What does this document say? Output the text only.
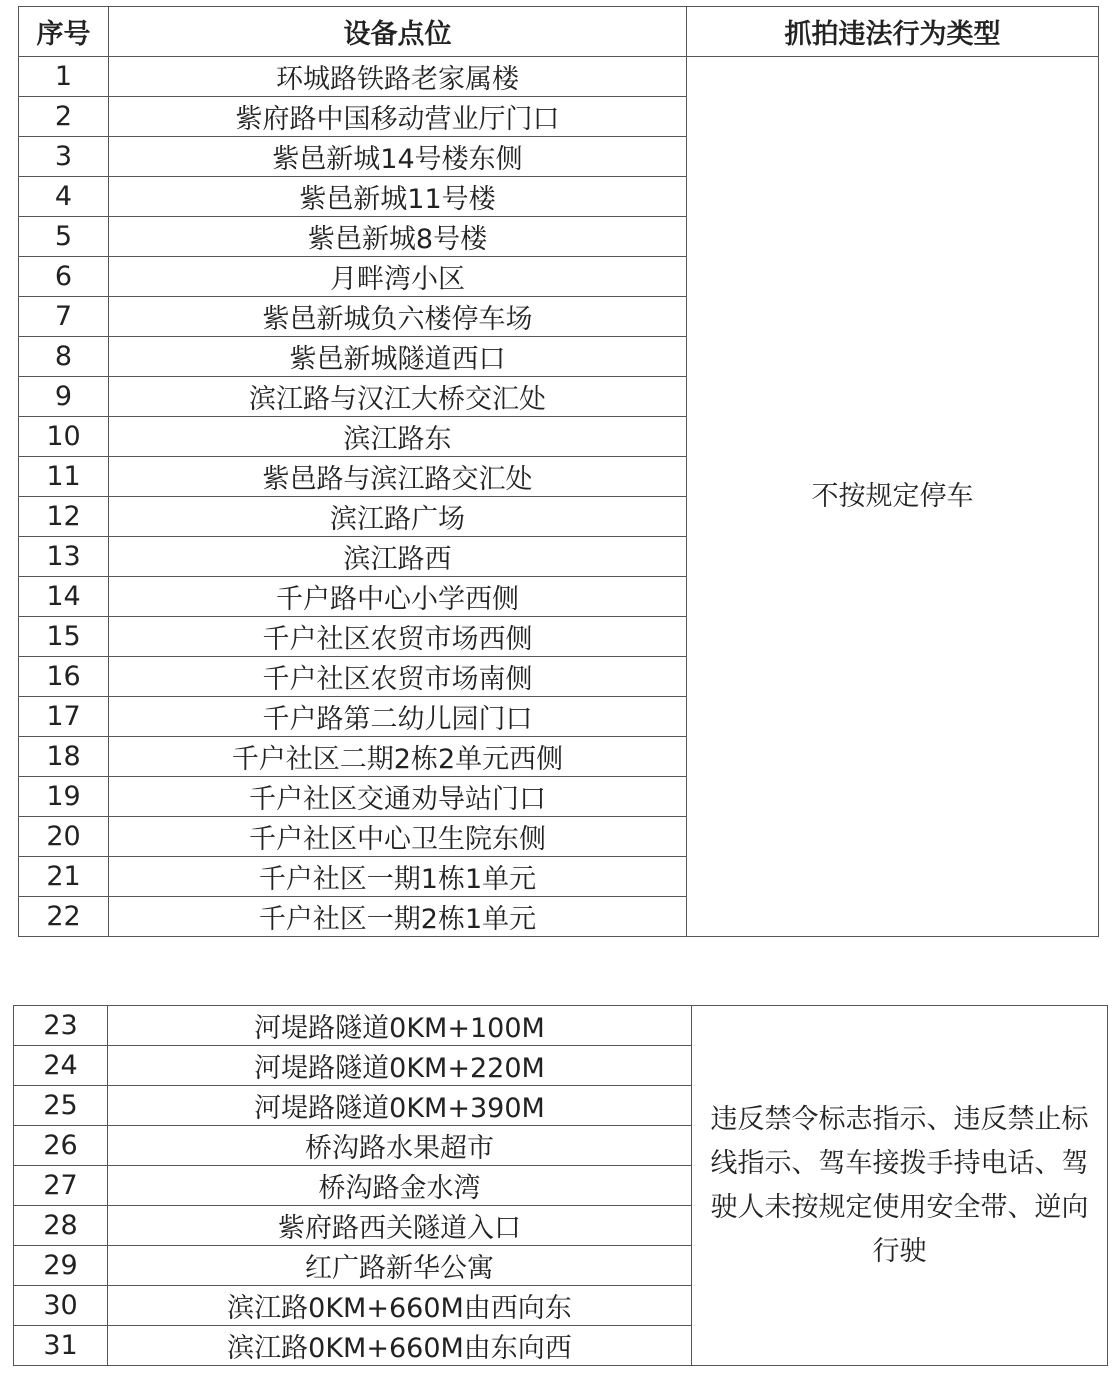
序号	设备点位	抓拍违法行为类型
1	环城路铁路老家属楼	不按规定停车
2	紫府路中国移动营业厅门口	
3	紫邑新城14号楼东侧	
4	紫邑新城11号楼	
5	紫邑新城8号楼	
6	月畔湾小区	
7	紫邑新城负六楼停车场	
8	紫邑新城隧道西口	
9	滨江路与汉江大桥交汇处	
10	滨江路东	
11	紫邑路与滨江路交汇处	
12	滨江路广场	
13	滨江路西	
14	千户路中心小学西侧	
15	千户社区农贸市场西侧	
16	千户社区农贸市场南侧	
17	千户路第二幼儿园门口	
18	千户社区二期2栋2单元西侧	
19	千户社区交通劝导站门口	
20	千户社区中心卫生院东侧	
21	千户社区一期1栋1单元	
22	千户社区一期2栋1单元	
23	河堤路隧道0KM+100M	违反禁令标志指示、违反禁止标线指示、驾车接拨手持电话、驾驶人未按规定使用安全带、逆向行驶
24	河堤路隧道0KM+220M	
25	河堤路隧道0KM+390M	
26	桥沟路水果超市	
27	桥沟路金水湾	
28	紫府路西关隧道入口	
29	红广路新华公寓	
30	滨江路0KM+660M由西向东	
31	滨江路0KM+660M由东向西	
